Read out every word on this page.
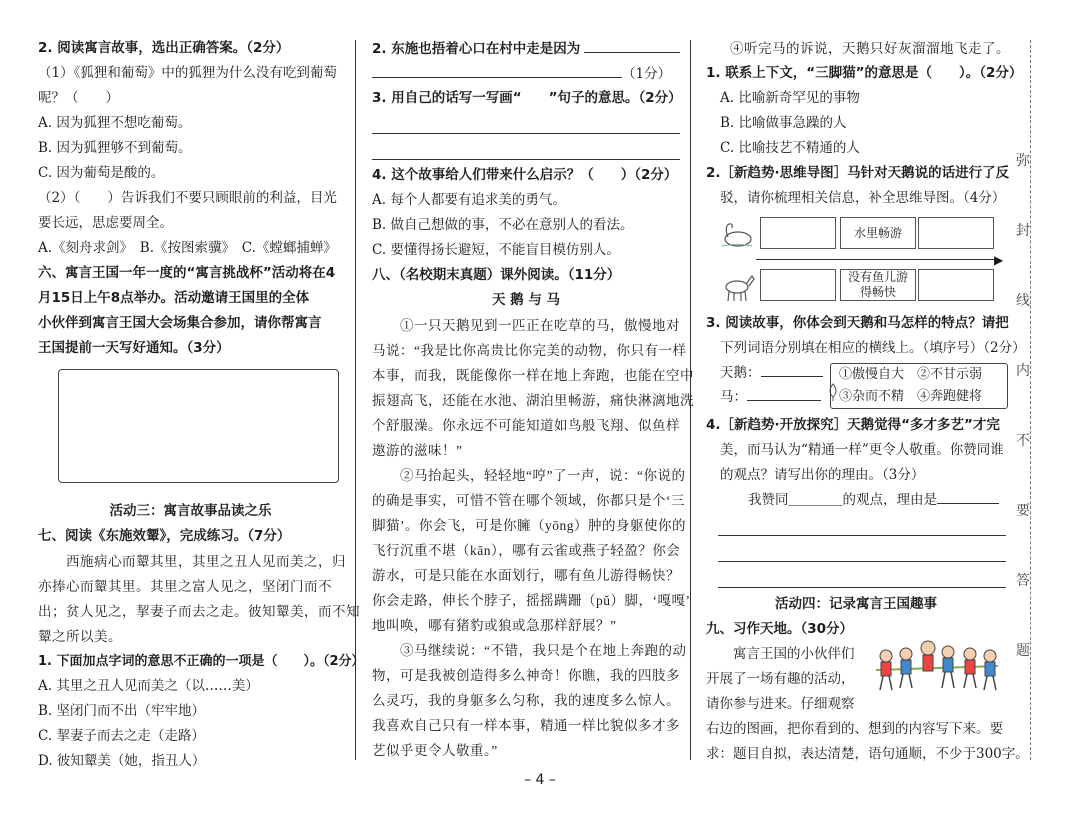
2. 阅读寓言故事，选出正确答案。（2分）

（1）《狐狸和葡萄》中的狐狸为什么没有吃到葡萄

呢？（　　）

A. 因为狐狸不想吃葡萄。

B. 因为狐狸够不到葡萄。

C. 因为葡萄是酸的。

（2）（　　）告诉我们不要只顾眼前的利益，目光

要长远，思虑要周全。

A.《刻舟求剑》　B.《按图索骥》　C.《螳螂捕蝉》

六、寓言王国一年一度的“寓言挑战杯”活动将在4

月15日上午8点举办。活动邀请王国里的全体

小伙伴到寓言王国大会场集合参加，请你帮寓言

王国提前一天写好通知。（3分）

活动三：寓言故事品读之乐

七、阅读《东施效颦》，完成练习。（7分）

　　西施病心而颦其里，其里之丑人见而美之，归

亦捧心而颦其里。其里之富人见之，坚闭门而不

出；贫人见之，挈妻子而去之走。彼知颦美，而不知

颦之所以美。

1. 下面加点字词的意思不正确的一项是（　　）。（2分）

A. 其里之丑人见而美之（以……美）

B. 坚闭门而不出（牢牢地）

C. 挈妻子而去之走（走路）

D. 彼知颦美（她，指丑人）

2. 东施也捂着心口在村中走是因为

（1分）

3. 用自己的话写一写画“　　”句子的意思。（2分）

4. 这个故事给人们带来什么启示？（　　）（2分）

A. 每个人都要有追求美的勇气。

B. 做自己想做的事，不必在意别人的看法。

C. 要懂得扬长避短，不能盲目模仿别人。

八、（名校期末真题）课外阅读。（11分）

天 鹅 与 马

　　①一只天鹅见到一匹正在吃草的马，傲慢地对

马说：“我是比你高贵比你完美的动物，你只有一样

本事，而我，既能像你一样在地上奔跑，也能在空中

振翅高飞，还能在水池、湖泊里畅游，痛快淋漓地洗

个舒服澡。你永远不可能知道如鸟般飞翔、似鱼样

遨游的滋味！”

　　②马抬起头，轻轻地“哼”了一声，说：“你说的

的确是事实，可惜不管在哪个领域，你都只是个‘三

脚猫’。你会飞，可是你臃（yōng）肿的身躯使你的

飞行沉重不堪（kān），哪有云雀或燕子轻盈？你会

游水，可是只能在水面划行，哪有鱼儿游得畅快？

你会走路，伸长个脖子，摇摇蹒跚（pǔ）脚，‘嘎嘎’

地叫唤，哪有猪豹或狼或急那样舒展？”

　　③马继续说：“不错，我只是个在地上奔跑的动

物，可是我被创造得多么神奇！你瞧，我的四肢多

么灵巧，我的身躯多么匀称，我的速度多么惊人。

我喜欢自己只有一样本事，精通一样比貌似多才多

艺似乎更令人敬重。”

④听完马的诉说，天鹅只好灰溜溜地飞走了。

1. 联系上下文，“三脚猫”的意思是（　　）。（2分）

A. 比喻新奇罕见的事物

B. 比喻做事急躁的人

C. 比喻技艺不精通的人

2.［新趋势·思维导图］马针对天鹅说的话进行了反

驳，请你梳理相关信息，补全思维导图。（4分）

水里畅游
▶
没有鱼儿游
得畅快

3. 阅读故事，你体会到天鹅和马怎样的特点？请把

下列词语分别填在相应的横线上。（填序号）（2分）

天鹅：

马：

①傲慢自大　②不甘示弱
③杂而不精　④奔跑健将

4.［新趋势·开放探究］天鹅觉得“多才多艺”才完

美，而马认为“精通一样”更令人敬重。你赞同谁

的观点？请写出你的理由。（3分）

我赞同＿＿＿＿的观点，理由是

活动四：记录寓言王国趣事

九、习作天地。（30分）

　　寓言王国的小伙伴们

开展了一场有趣的活动，

请你参与进来。仔细观察

右边的图画，把你看到的、想到的内容写下来。要

求：题目自拟，表达清楚，语句通顺，不少于300字。

弥
封
线
内
不
要
答
题
– 4 –
